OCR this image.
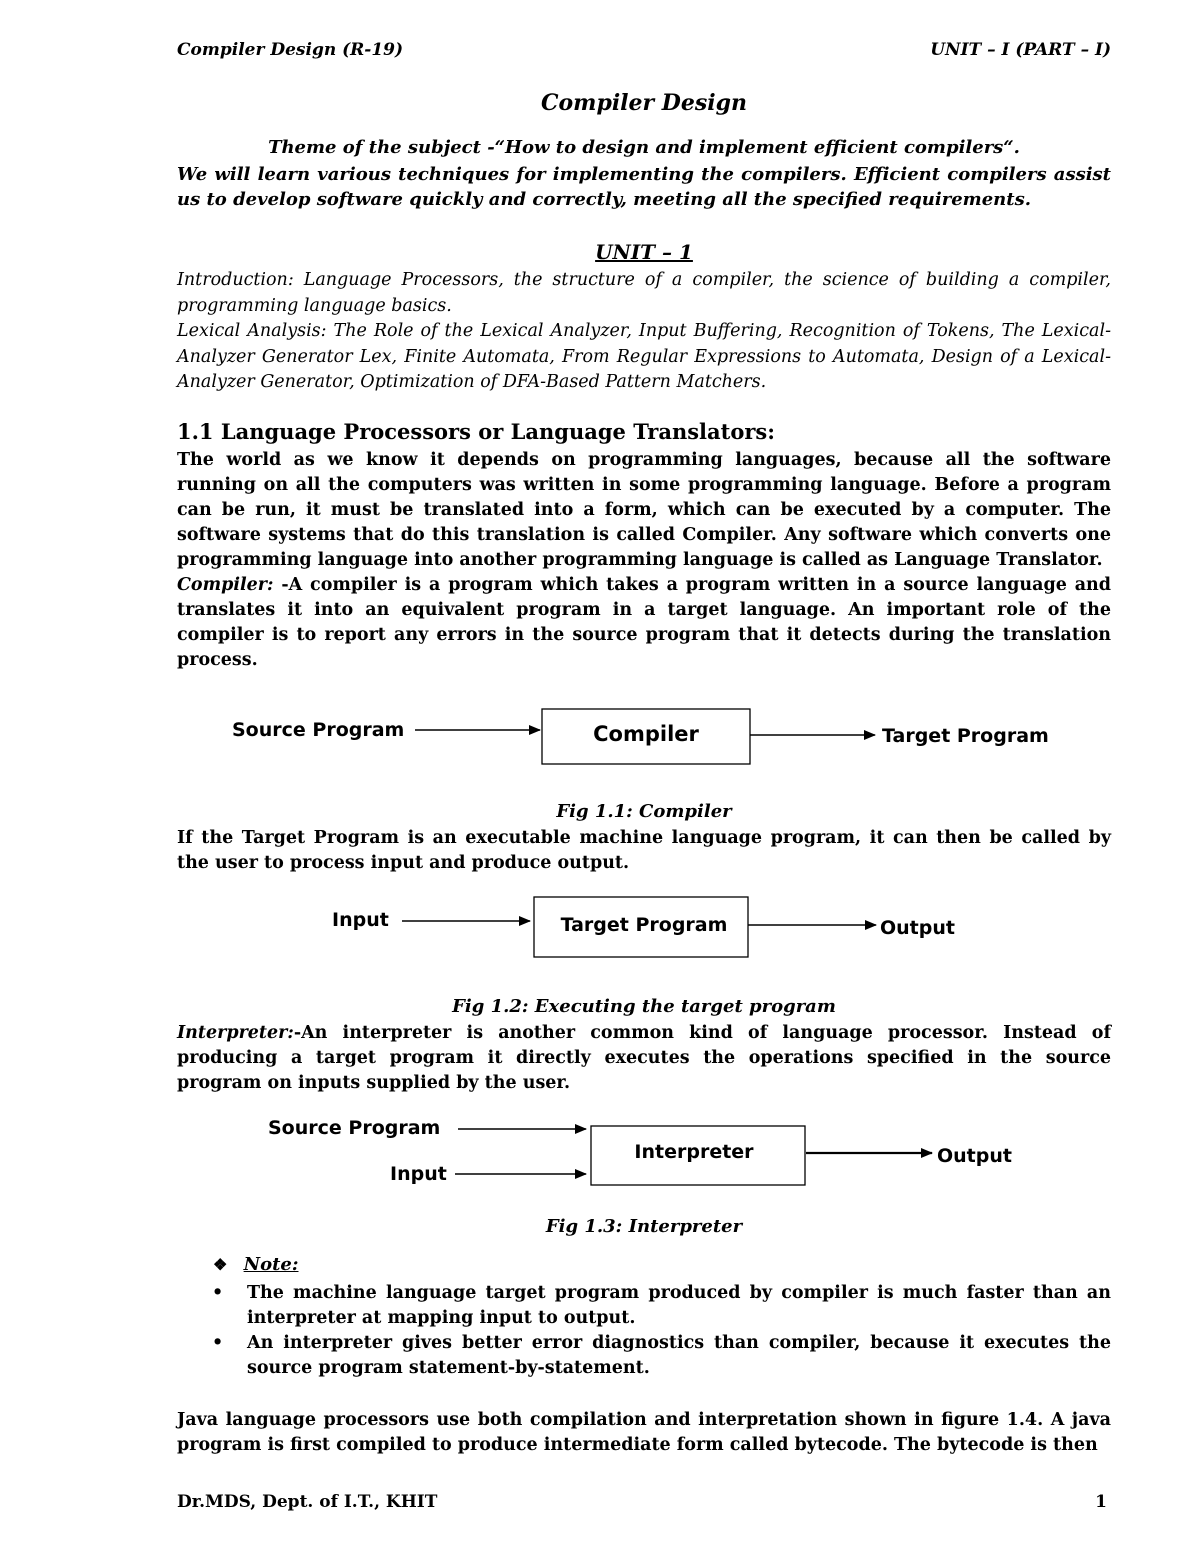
Compiler Design (R-19)	UNIT – I (PART – I)
Compiler Design
Theme of the subject -“How to design and implement efficient compilers“.
We will learn various techniques for implementing the compilers. Efficient compilers assist us to develop software quickly and correctly, meeting all the specified requirements.
UNIT – 1
Introduction: Language Processors, the structure of a compiler, the science of building a compiler, programming language basics.
Lexical Analysis: The Role of the Lexical Analyzer, Input Buffering, Recognition of Tokens, The Lexical-Analyzer Generator Lex, Finite Automata, From Regular Expressions to Automata, Design of a Lexical-Analyzer Generator, Optimization of DFA-Based Pattern Matchers.
1.1 Language Processors or Language Translators:
The world as we know it depends on programming languages, because all the software running on all the computers was written in some programming language. Before a program can be run, it must be translated into a form, which can be executed by a computer. The software systems that do this translation is called Compiler. Any software which converts one programming language into another programming language is called as Language Translator.
Compiler: -A compiler is a program which takes a program written in a source language and translates it into an equivalent program in a target language. An important role of the compiler is to report any errors in the source program that it detects during the translation process.
Source Program	Compiler	Target Program
Fig 1.1: Compiler
If the Target Program is an executable machine language program, it can then be called by the user to process input and produce output.
Input	Target Program	Output
Fig 1.2: Executing the target program
Interpreter:-An interpreter is another common kind of language processor. Instead of producing a target program it directly executes the operations specified in the source program on inputs supplied by the user.
Source Program
Input
Interpreter	Output
Fig 1.3: Interpreter
❖ Note:
• The machine language target program produced by compiler is much faster than an interpreter at mapping input to output.
• An interpreter gives better error diagnostics than compiler, because it executes the source program statement-by-statement.
Java language processors use both compilation and interpretation shown in figure 1.4. A java program is first compiled to produce intermediate form called bytecode. The bytecode is then
Dr.MDS, Dept. of I.T., KHIT	1
